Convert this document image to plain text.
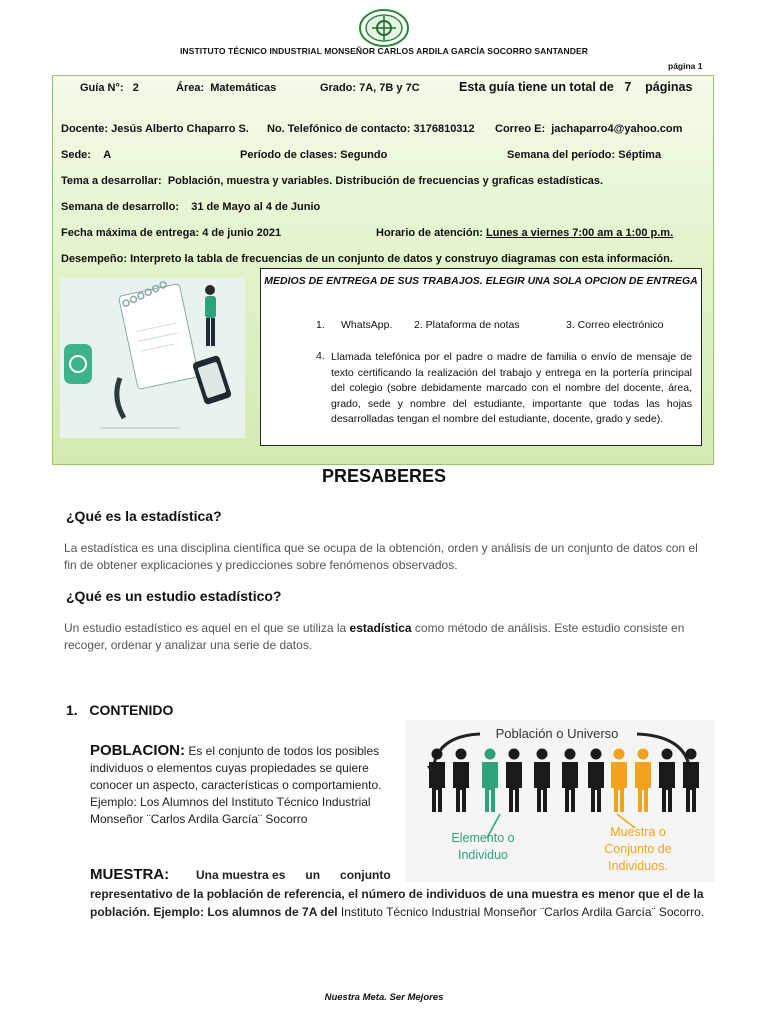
INSTITUTO TÉCNICO INDUSTRIAL MONSEÑOR CARLOS ARDILA GARCÍA SOCORRO SANTANDER
página 1
Guía N°: 2	Área: Matemáticas	Grado: 7A, 7B y 7C	Esta guía tiene un total de 7 páginas
Docente: Jesús Alberto Chaparro S. No. Telefónico de contacto: 3176810312 Correo E: jachaparro4@yahoo.com
Sede: A	Período de clases: Segundo	Semana del período: Séptima
Tema a desarrollar: Población, muestra y variables. Distribución de frecuencias y graficas estadísticas.
Semana de desarrollo: 31 de Mayo al 4 de Junio
Fecha máxima de entrega: 4 de junio 2021	Horario de atención: Lunes a viernes 7:00 am a 1:00 p.m.
Desempeño: Interpreto la tabla de frecuencias de un conjunto de datos y construyo diagramas con esta información.
MEDIOS DE ENTREGA DE SUS TRABAJOS. ELEGIR UNA SOLA OPCION DE ENTREGA
1. WhatsApp. 2. Plataforma de notas	3. Correo electrónico
4. Llamada telefónica por el padre o madre de familia o envío de mensaje de texto certificando la realización del trabajo y entrega en la portería principal del colegio (sobre debidamente marcado con el nombre del docente, área, grado, sede y nombre del estudiante, importante que todas las hojas desarrolladas tengan el nombre del estudiante, docente, grado y sede).
PRESABERES
¿Qué es la estadística?
La estadística es una disciplina científica que se ocupa de la obtención, orden y análisis de un conjunto de datos con el fin de obtener explicaciones y predicciones sobre fenómenos observados.
¿Qué es un estudio estadístico?
Un estudio estadístico es aquel en el que se utiliza la estadística como método de análisis. Este estudio consiste en recoger, ordenar y analizar una serie de datos.
1. CONTENIDO
POBLACION: Es el conjunto de todos los posibles individuos o elementos cuyas propiedades se quiere conocer un aspecto, características o comportamiento. Ejemplo: Los Alumnos del Instituto Técnico Industrial Monseñor ¨Carlos Ardila García¨ Socorro
Población o Universo
Elemento o
Individuo
Muestra o
Conjunto de
Individuos.
MUESTRA: Una muestra es      un      conjunto
representativo de la población de referencia, el número de individuos de una muestra es menor que el de la población. Ejemplo: Los alumnos de 7A del Instituto Técnico Industrial Monseñor ¨Carlos Ardila García¨ Socorro.
Nuestra Meta. Ser Mejores
